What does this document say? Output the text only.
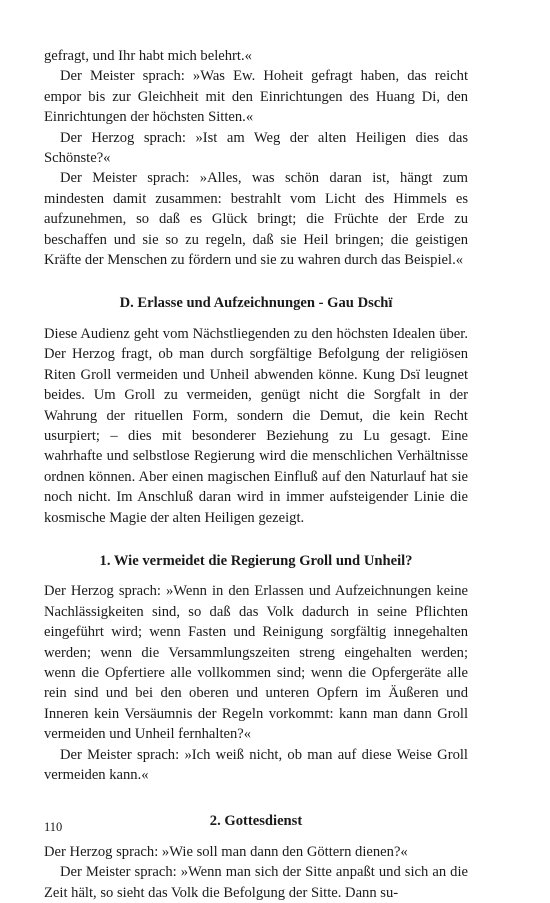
gefragt, und Ihr habt mich belehrt.«

Der Meister sprach: »Was Ew. Hoheit gefragt haben, das reicht empor bis zur Gleichheit mit den Einrichtungen des Huang Di, den Einrichtungen der höchsten Sitten.«

Der Herzog sprach: »Ist am Weg der alten Heiligen dies das Schönste?«

Der Meister sprach: »Alles, was schön daran ist, hängt zum mindesten damit zusammen: bestrahlt vom Licht des Himmels es aufzunehmen, so daß es Glück bringt; die Früchte der Erde zu beschaffen und sie so zu regeln, daß sie Heil bringen; die geistigen Kräfte der Menschen zu fördern und sie zu wahren durch das Beispiel.«

D. Erlasse und Aufzeichnungen - Gau Dschï

Diese Audienz geht vom Nächstliegenden zu den höchsten Idealen über. Der Herzog fragt, ob man durch sorgfältige Befolgung der religiösen Riten Groll vermeiden und Unheil abwenden könne. Kung Dsï leugnet beides. Um Groll zu vermeiden, genügt nicht die Sorgfalt in der Wahrung der rituellen Form, sondern die Demut, die kein Recht usurpiert; – dies mit besonderer Beziehung zu Lu gesagt. Eine wahrhafte und selbstlose Regierung wird die menschlichen Verhältnisse ordnen können. Aber einen magischen Einfluß auf den Naturlauf hat sie noch nicht. Im Anschluß daran wird in immer aufsteigender Linie die kosmische Magie der alten Heiligen gezeigt.

1. Wie vermeidet die Regierung Groll und Unheil?

Der Herzog sprach: »Wenn in den Erlassen und Aufzeichnungen keine Nachlässigkeiten sind, so daß das Volk dadurch in seine Pflichten eingeführt wird; wenn Fasten und Reinigung sorgfältig innegehalten werden; wenn die Versammlungszeiten streng eingehalten werden; wenn die Opfertiere alle vollkommen sind; wenn die Opfergeräte alle rein sind und bei den oberen und unteren Opfern im Äußeren und Inneren kein Versäumnis der Regeln vorkommt: kann man dann Groll vermeiden und Unheil fernhalten?«

Der Meister sprach: »Ich weiß nicht, ob man auf diese Weise Groll vermeiden kann.«

2. Gottesdienst

Der Herzog sprach: »Wie soll man dann den Göttern dienen?«

Der Meister sprach: »Wenn man sich der Sitte anpaßt und sich an die Zeit hält, so sieht das Volk die Befolgung der Sitte. Dann su-

110
